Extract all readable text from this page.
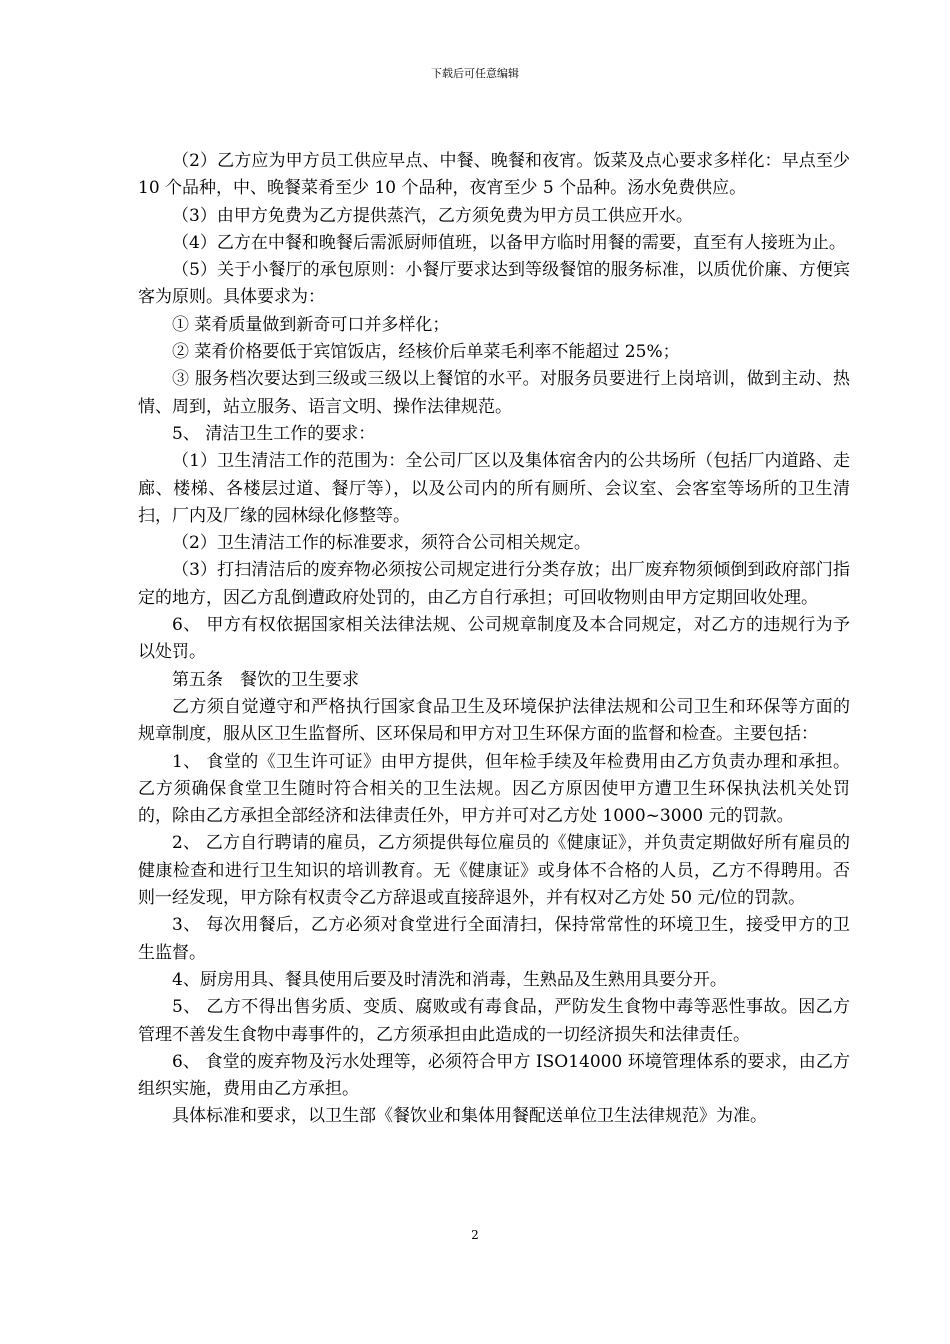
下载后可任意编辑

（2）乙方应为甲方员工供应早点、中餐、晚餐和夜宵。饭菜及点心要求多样化：早点至少 10 个品种，中、晚餐菜肴至少 10 个品种，夜宵至少 5 个品种。汤水免费供应。

（3）由甲方免费为乙方提供蒸汽，乙方须免费为甲方员工供应开水。

（4）乙方在中餐和晚餐后需派厨师值班，以备甲方临时用餐的需要，直至有人接班为止。

（5）关于小餐厅的承包原则：小餐厅要求达到等级餐馆的服务标准，以质优价廉、方便宾客为原则。具体要求为：

① 菜肴质量做到新奇可口并多样化；

② 菜肴价格要低于宾馆饭店，经核价后单菜毛利率不能超过 25%；

③ 服务档次要达到三级或三级以上餐馆的水平。对服务员要进行上岗培训，做到主动、热情、周到，站立服务、语言文明、操作法律规范。

5、 清洁卫生工作的要求：

（1）卫生清洁工作的范围为：全公司厂区以及集体宿舍内的公共场所（包括厂内道路、走廊、楼梯、各楼层过道、餐厅等），以及公司内的所有厕所、会议室、会客室等场所的卫生清扫，厂内及厂缘的园林绿化修整等。

（2）卫生清洁工作的标准要求，须符合公司相关规定。

（3）打扫清洁后的废弃物必须按公司规定进行分类存放；出厂废弃物须倾倒到政府部门指定的地方，因乙方乱倒遭政府处罚的，由乙方自行承担；可回收物则由甲方定期回收处理。

6、 甲方有权依据国家相关法律法规、公司规章制度及本合同规定，对乙方的违规行为予以处罚。

第五条　餐饮的卫生要求

乙方须自觉遵守和严格执行国家食品卫生及环境保护法律法规和公司卫生和环保等方面的规章制度，服从区卫生监督所、区环保局和甲方对卫生环保方面的监督和检查。主要包括：

1、 食堂的《卫生许可证》由甲方提供，但年检手续及年检费用由乙方负责办理和承担。乙方须确保食堂卫生随时符合相关的卫生法规。因乙方原因使甲方遭卫生环保执法机关处罚的，除由乙方承担全部经济和法律责任外，甲方并可对乙方处 1000~3000 元的罚款。

2、 乙方自行聘请的雇员，乙方须提供每位雇员的《健康证》，并负责定期做好所有雇员的健康检查和进行卫生知识的培训教育。无《健康证》或身体不合格的人员，乙方不得聘用。否则一经发现，甲方除有权责令乙方辞退或直接辞退外，并有权对乙方处 50 元/位的罚款。

3、 每次用餐后，乙方必须对食堂进行全面清扫，保持常常性的环境卫生，接受甲方的卫生监督。

4、厨房用具、餐具使用后要及时清洗和消毒，生熟品及生熟用具要分开。

5、 乙方不得出售劣质、变质、腐败或有毒食品，严防发生食物中毒等恶性事故。因乙方管理不善发生食物中毒事件的，乙方须承担由此造成的一切经济损失和法律责任。

6、 食堂的废弃物及污水处理等，必须符合甲方 ISO14000 环境管理体系的要求，由乙方组织实施，费用由乙方承担。

具体标准和要求，以卫生部《餐饮业和集体用餐配送单位卫生法律规范》为准。

2
